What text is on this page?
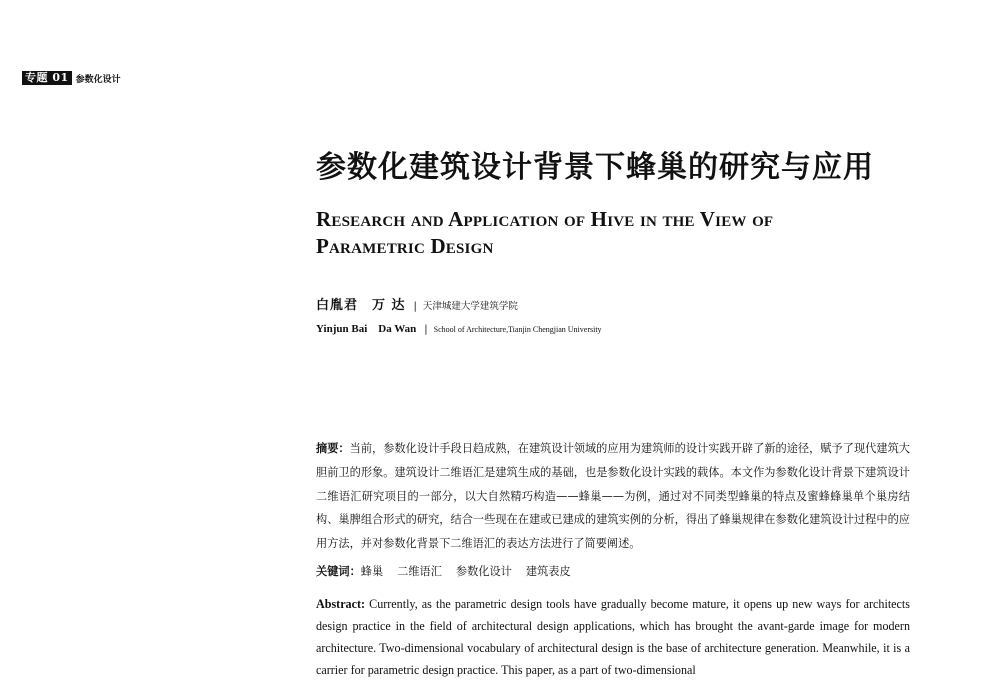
专题 01 参数化设计
参数化建筑设计背景下蜂巢的研究与应用
Research and Application of Hive in the View of Parametric Design
白胤君　万 达 | 天津城建大学建筑学院
Yinjun Bai　Da Wan | School of Architecture,Tianjin Chengjian University

摘要：当前，参数化设计手段日趋成熟，在建筑设计领域的应用为建筑师的设计实践开辟了新的途径，赋予了现代建筑大胆前卫的形象。建筑设计二维语汇是建筑生成的基础，也是参数化设计实践的载体。本文作为参数化设计背景下建筑设计二维语汇研究项目的一部分，以大自然精巧构造——蜂巢——为例，通过对不同类型蜂巢的特点及蜜蜂蜂巢单个巢房结构、巢脾组合形式的研究，结合一些现在在建或已建成的建筑实例的分析，得出了蜂巢规律在参数化建筑设计过程中的应用方法，并对参数化背景下二维语汇的表达方法进行了简要阐述。

关键词：蜂巢 二维语汇 参数化设计 建筑表皮

Abstract: Currently, as the parametric design tools have gradually become mature, it opens up new ways for architects design practice in the field of architectural design applications, which has brought the avant-garde image for modern architecture. Two-dimensional vocabulary of architectural design is the base of architecture generation. Meanwhile, it is a carrier for parametric design practice. This paper, as a part of two-dimensional
